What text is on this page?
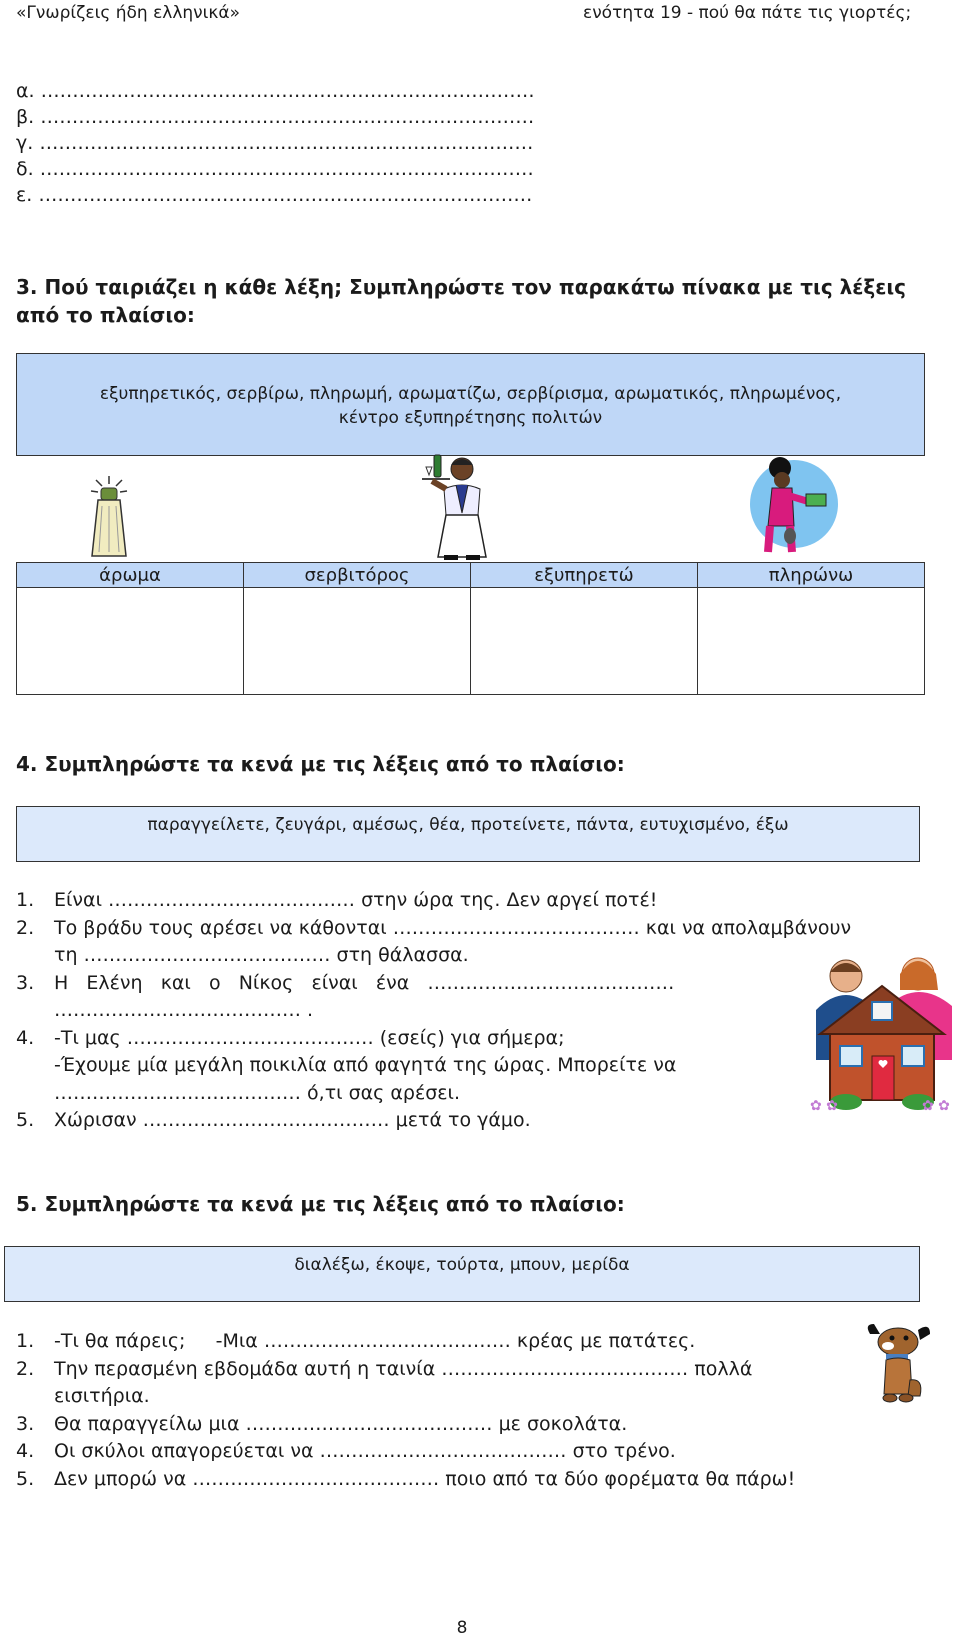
«Γνωρίζεις ήδη ελληνικά»	ενότητα 19 - πού θα πάτε τις γιορτές;
α. ……………………………………………………………………
β. ……………………………………………………………………
γ. ……………………………………………………………………
δ. ……………………………………………………………………
ε. ……………………………………………………………………
3. Πού ταιριάζει η κάθε λέξη; Συμπληρώστε τον παρακάτω πίνακα με τις λέξεις
από το πλαίσιο:
εξυπηρετικός, σερβίρω, πληρωμή, αρωματίζω, σερβίρισμα, αρωματικός, πληρωμένος,
κέντρο εξυπηρέτησης πολιτών
άρωμα	σερβιτόρος	εξυπηρετώ	πληρώνω

4. Συμπληρώστε τα κενά με τις λέξεις από το πλαίσιο:
παραγγείλετε, ζευγάρι, αμέσως, θέα, προτείνετε, πάντα, ευτυχισμένο, έξω
1. Είναι ………………………………… στην ώρα της. Δεν αργεί ποτέ!
2. Το βράδυ τους αρέσει να κάθονται ………………………………… και να απολαμβάνουν
τη ………………………………… στη θάλασσα.
3. Η   Ελένη   και   ο   Νίκος   είναι   ένα   …………………………………
………………………………… .
4. -Τι μας ………………………………… (εσείς) για σήμερα;
-Έχουμε μία μεγάλη ποικιλία από φαγητά της ώρας. Μπορείτε να
………………………………… ό,τι σας αρέσει.
5. Χώρισαν ………………………………… μετά το γάμο.
✿ ✿	✿ ✿
5. Συμπληρώστε τα κενά με τις λέξεις από το πλαίσιο:
διαλέξω, έκοψε, τούρτα, μπουν, μερίδα
1. -Τι θα πάρεις;     -Μια ………………………………… κρέας με πατάτες.
2. Την περασμένη εβδομάδα αυτή η ταινία ………………………………… πολλά
εισιτήρια.
3. Θα παραγγείλω μια ………………………………… με σοκολάτα.
4. Οι σκύλοι απαγορεύεται να ………………………………… στο τρένο.
5. Δεν μπορώ να ………………………………… ποιο από τα δύο φορέματα θα πάρω!
8
